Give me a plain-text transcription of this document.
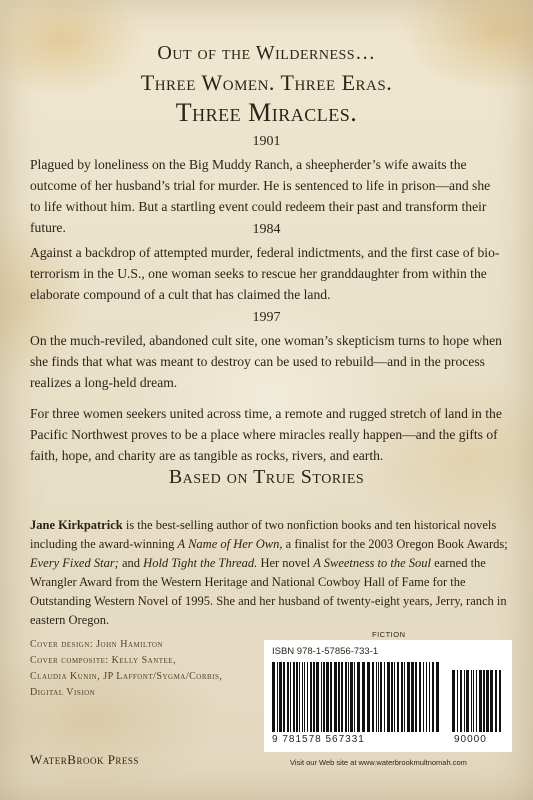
Out of the Wilderness…
Three Women. Three Eras.
Three Miracles.
1901
Plagued by loneliness on the Big Muddy Ranch, a sheepherder’s wife awaits the outcome of her husband’s trial for murder. He is sentenced to life in prison—and she to life without him. But a startling event could redeem their past and transform their future.	1984
Against a backdrop of attempted murder, federal indictments, and the first case of bio-terrorism in the U.S., one woman seeks to rescue her granddaughter from within the elaborate compound of a cult that has claimed the land.
1997
On the much-reviled, abandoned cult site, one woman’s skepticism turns to hope when she finds that what was meant to destroy can be used to rebuild—and in the process realizes a long-held dream.
For three women seekers united across time, a remote and rugged stretch of land in the Pacific Northwest proves to be a place where miracles really happen—and the gifts of faith, hope, and charity are as tangible as rocks, rivers, and earth.
Based on True Stories
Jane Kirkpatrick is the best-selling author of two nonfiction books and ten historical novels including the award-winning A Name of Her Own, a finalist for the 2003 Oregon Book Awards; Every Fixed Star; and Hold Tight the Thread. Her novel A Sweetness to the Soul earned the Wrangler Award from the Western Heritage and National Cowboy Hall of Fame for the Outstanding Western Novel of 1995. She and her husband of twenty-eight years, Jerry, ranch in eastern Oregon.
Cover design: John Hamilton
Cover composite: Kelly Santee,
Claudia Kunin, JP Laffont/Sygma/Corbis,
Digital Vision
WaterBrook Press
FICTION
ISBN 978-1-57856-733-1
9 781578 567331	90000
Visit our Web site at www.waterbrookmultnomah.com
